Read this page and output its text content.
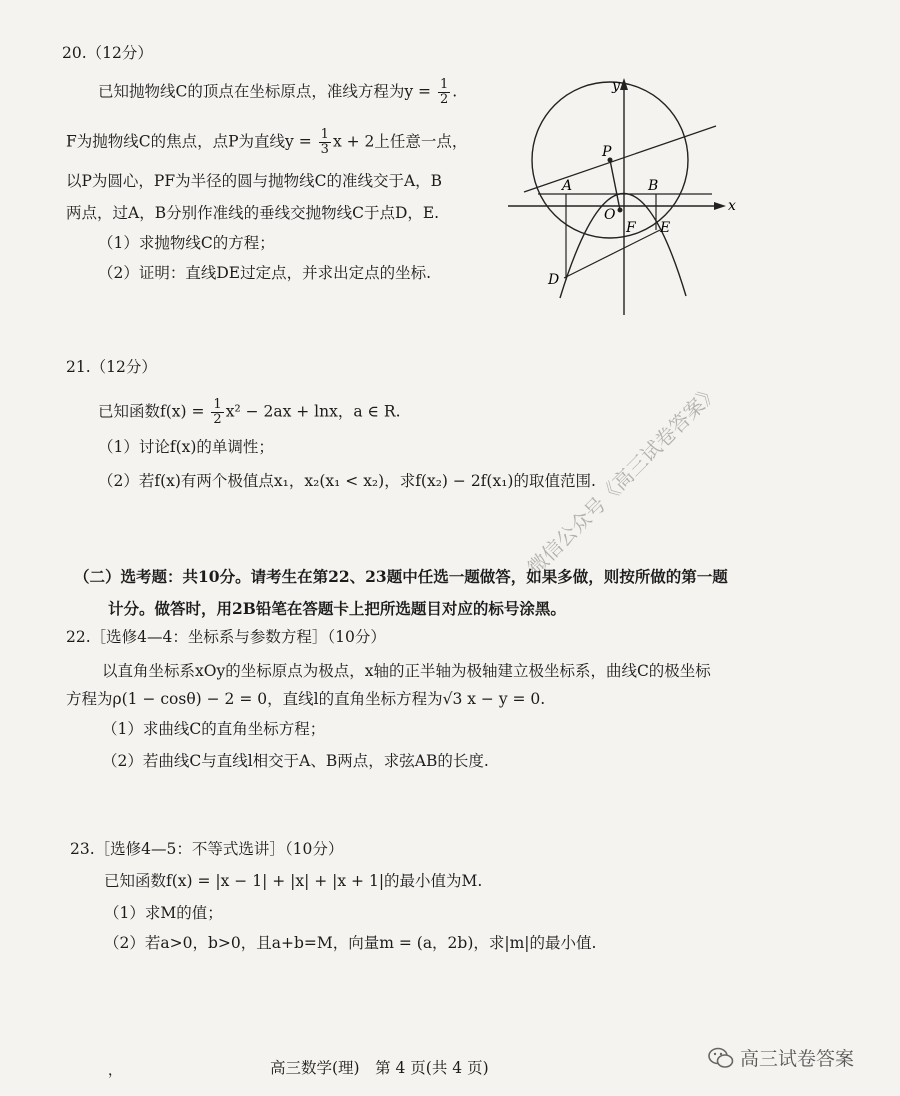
20.（12分）
已知抛物线C的顶点在坐标原点，准线方程为$y = \frac{1}{2}$ .
F为抛物线C的焦点，点P为直线$y = \frac{1}{3}$ x + 2上任意一点，
以P为圆心，PF为半径的圆与抛物线C的准线交于A，B
两点，过A，B分别作准线的垂线交抛物线C于点D，E.
（1）求抛物线C的方程；
（2）证明：直线DE过定点，并求出定点的坐标.
y
x
P
A	B
O
F E
D
21.（12分）
已知函数$f(x) = \frac{1}{2} x^2 - 2ax + \ln x$，a ∈ R.
（1）讨论f(x)的单调性；
（2）若f(x)有两个极值点x₁，x₂(x₁ < x₂)，求f(x₂) − 2f(x₁)的取值范围.
（二）选考题：共10分。请考生在第22、23题中任选一题做答，如果多做，则按所做的第一题
计分。做答时，用2B铅笔在答题卡上把所选题目对应的标号涂黑。
22.［选修4—4：坐标系与参数方程］（10分）
以直角坐标系xOy的坐标原点为极点，x轴的正半轴为极轴建立极坐标系，曲线C的极坐标
方程为ρ(1 − cosθ) − 2 = 0，直线l的直角坐标方程为√3 x − y = 0.
（1）求曲线C的直角坐标方程；
（2）若曲线C与直线l相交于A、B两点，求弦AB的长度.
23.［选修4—5：不等式选讲］（10分）
已知函数f(x) = |x − 1| + |x| + |x + 1|的最小值为M.
（1）求M的值；
（2）若a>0，b>0，且a+b=M，向量m = (a，2b)，求|m|的最小值.
微信公众号《高三试卷答案》
，	高三数学(理)　第 4 页(共 4 页)	高三试卷答案
